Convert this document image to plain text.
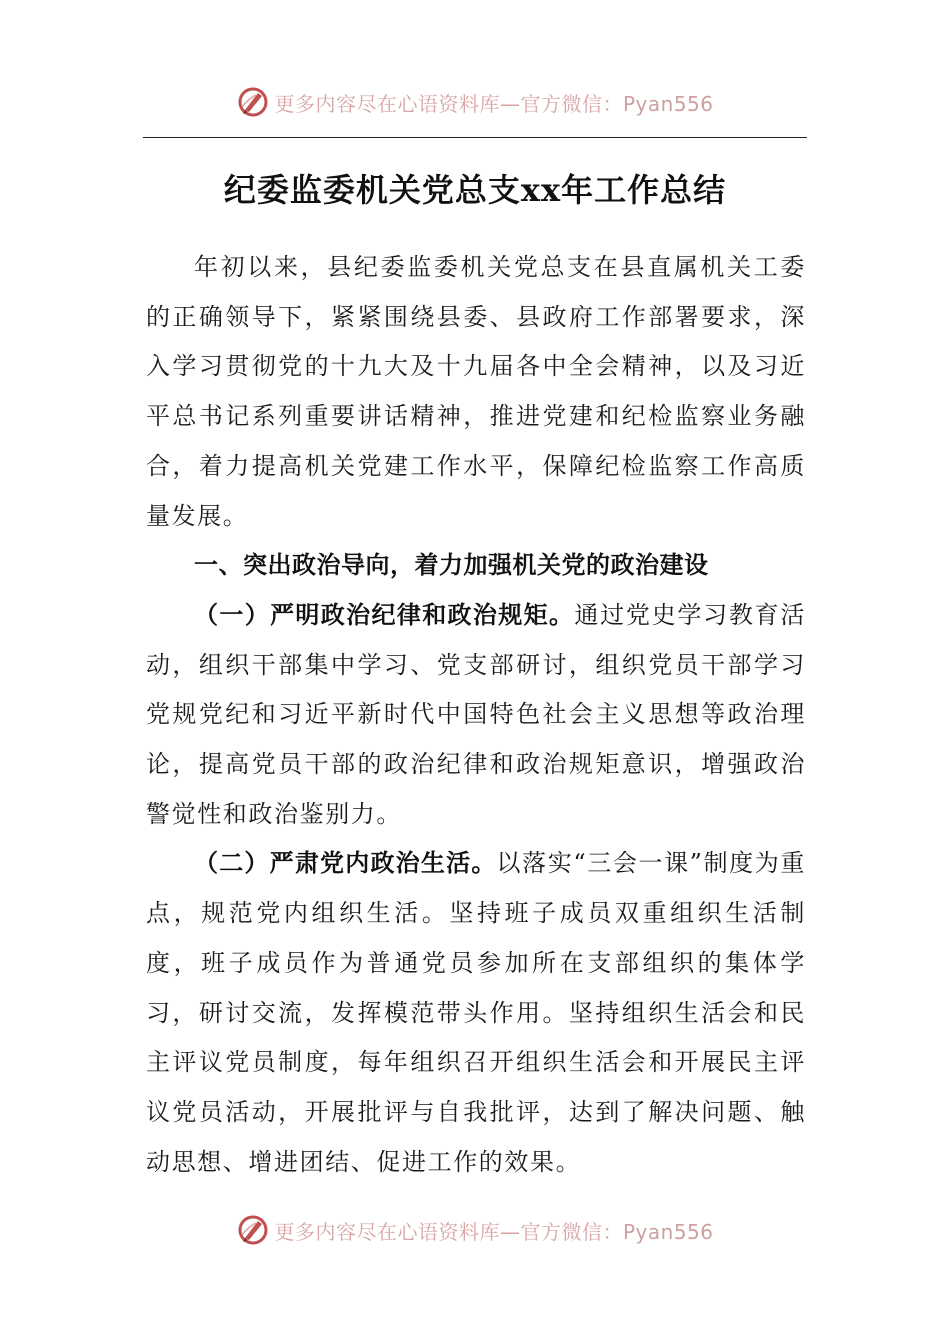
更多内容尽在心语资料库—官方微信：Pyan556
纪委监委机关党总支xx年工作总结

年初以来，县纪委监委机关党总支在县直属机关工委的正确领导下，紧紧围绕县委、县政府工作部署要求，深入学习贯彻党的十九大及十九届各中全会精神，以及习近平总书记系列重要讲话精神，推进党建和纪检监察业务融合，着力提高机关党建工作水平，保障纪检监察工作高质量发展。

一、突出政治导向，着力加强机关党的政治建设

（一）严明政治纪律和政治规矩。通过党史学习教育活动，组织干部集中学习、党支部研讨，组织党员干部学习党规党纪和习近平新时代中国特色社会主义思想等政治理论，提高党员干部的政治纪律和政治规矩意识，增强政治警觉性和政治鉴别力。

（二）严肃党内政治生活。以落实“三会一课”制度为重点，规范党内组织生活。坚持班子成员双重组织生活制度，班子成员作为普通党员参加所在支部组织的集体学习，研讨交流，发挥模范带头作用。坚持组织生活会和民主评议党员制度，每年组织召开组织生活会和开展民主评议党员活动，开展批评与自我批评，达到了解决问题、触动思想、增进团结、促进工作的效果。

更多内容尽在心语资料库—官方微信：Pyan556
